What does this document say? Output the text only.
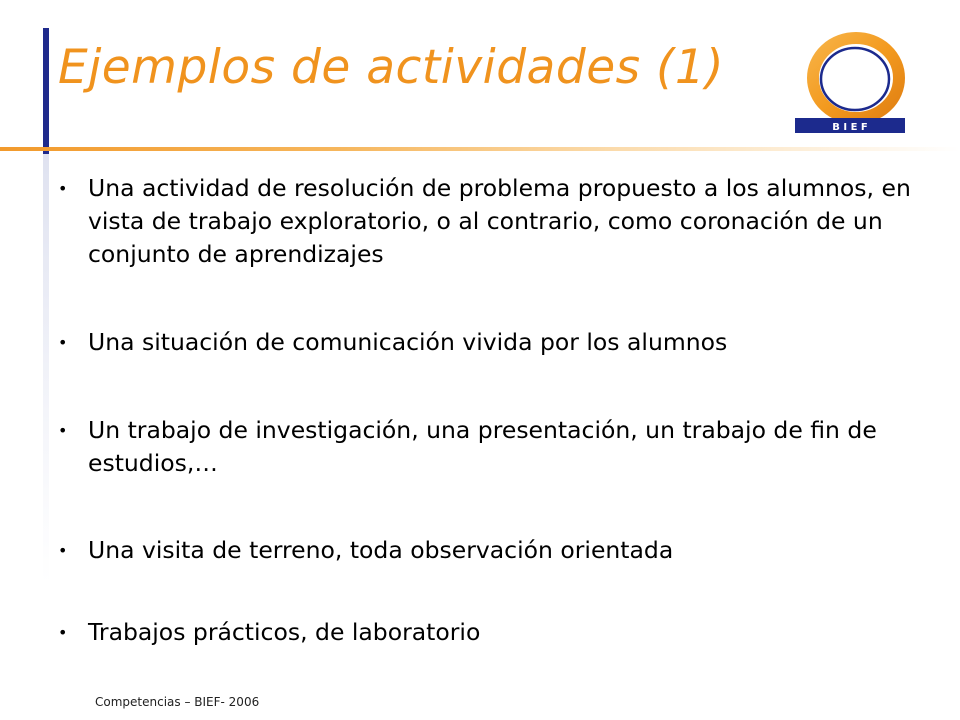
Ejemplos de actividades (1)
B I E F
• Una actividad de resolución de problema propuesto a los alumnos, en vista de trabajo exploratorio, o al contrario, como coronación de un conjunto de aprendizajes
• Una situación de comunicación vivida por los alumnos
• Un trabajo de investigación, una presentación, un trabajo de fin de estudios,…
• Una visita de terreno, toda observación orientada
• Trabajos prácticos, de laboratorio
Competencias – BIEF- 2006
